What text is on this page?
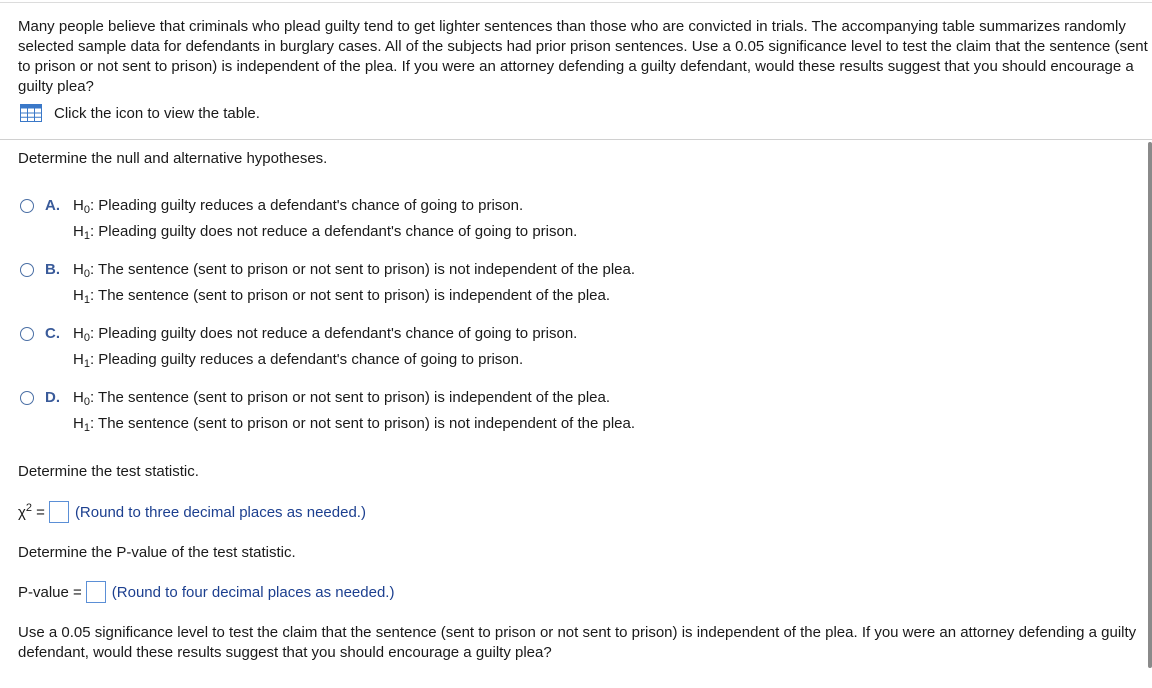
Many people believe that criminals who plead guilty tend to get lighter sentences than those who are convicted in trials. The accompanying table summarizes randomly selected sample data for defendants in burglary cases. All of the subjects had prior prison sentences. Use a 0.05 significance level to test the claim that the sentence (sent to prison or not sent to prison) is independent of the plea. If you were an attorney defending a guilty defendant, would these results suggest that you should encourage a guilty plea?

Click the icon to view the table.
Determine the null and alternative hypotheses.
A. $H_0$: Pleading guilty reduces a defendant's chance of going to prison.
$H_1$: Pleading guilty does not reduce a defendant's chance of going to prison.
B. $H_0$: The sentence (sent to prison or not sent to prison) is not independent of the plea.
$H_1$: The sentence (sent to prison or not sent to prison) is independent of the plea.
C. $H_0$: Pleading guilty does not reduce a defendant's chance of going to prison.
$H_1$: Pleading guilty reduces a defendant's chance of going to prison.
D. $H_0$: The sentence (sent to prison or not sent to prison) is independent of the plea.
$H_1$: The sentence (sent to prison or not sent to prison) is not independent of the plea.
Determine the test statistic.
$\chi^2$ = (Round to three decimal places as needed.)
Determine the P-value of the test statistic.
P-value = (Round to four decimal places as needed.)
Use a 0.05 significance level to test the claim that the sentence (sent to prison or not sent to prison) is independent of the plea. If you were an attorney defending a guilty defendant, would these results suggest that you should encourage a guilty plea?
